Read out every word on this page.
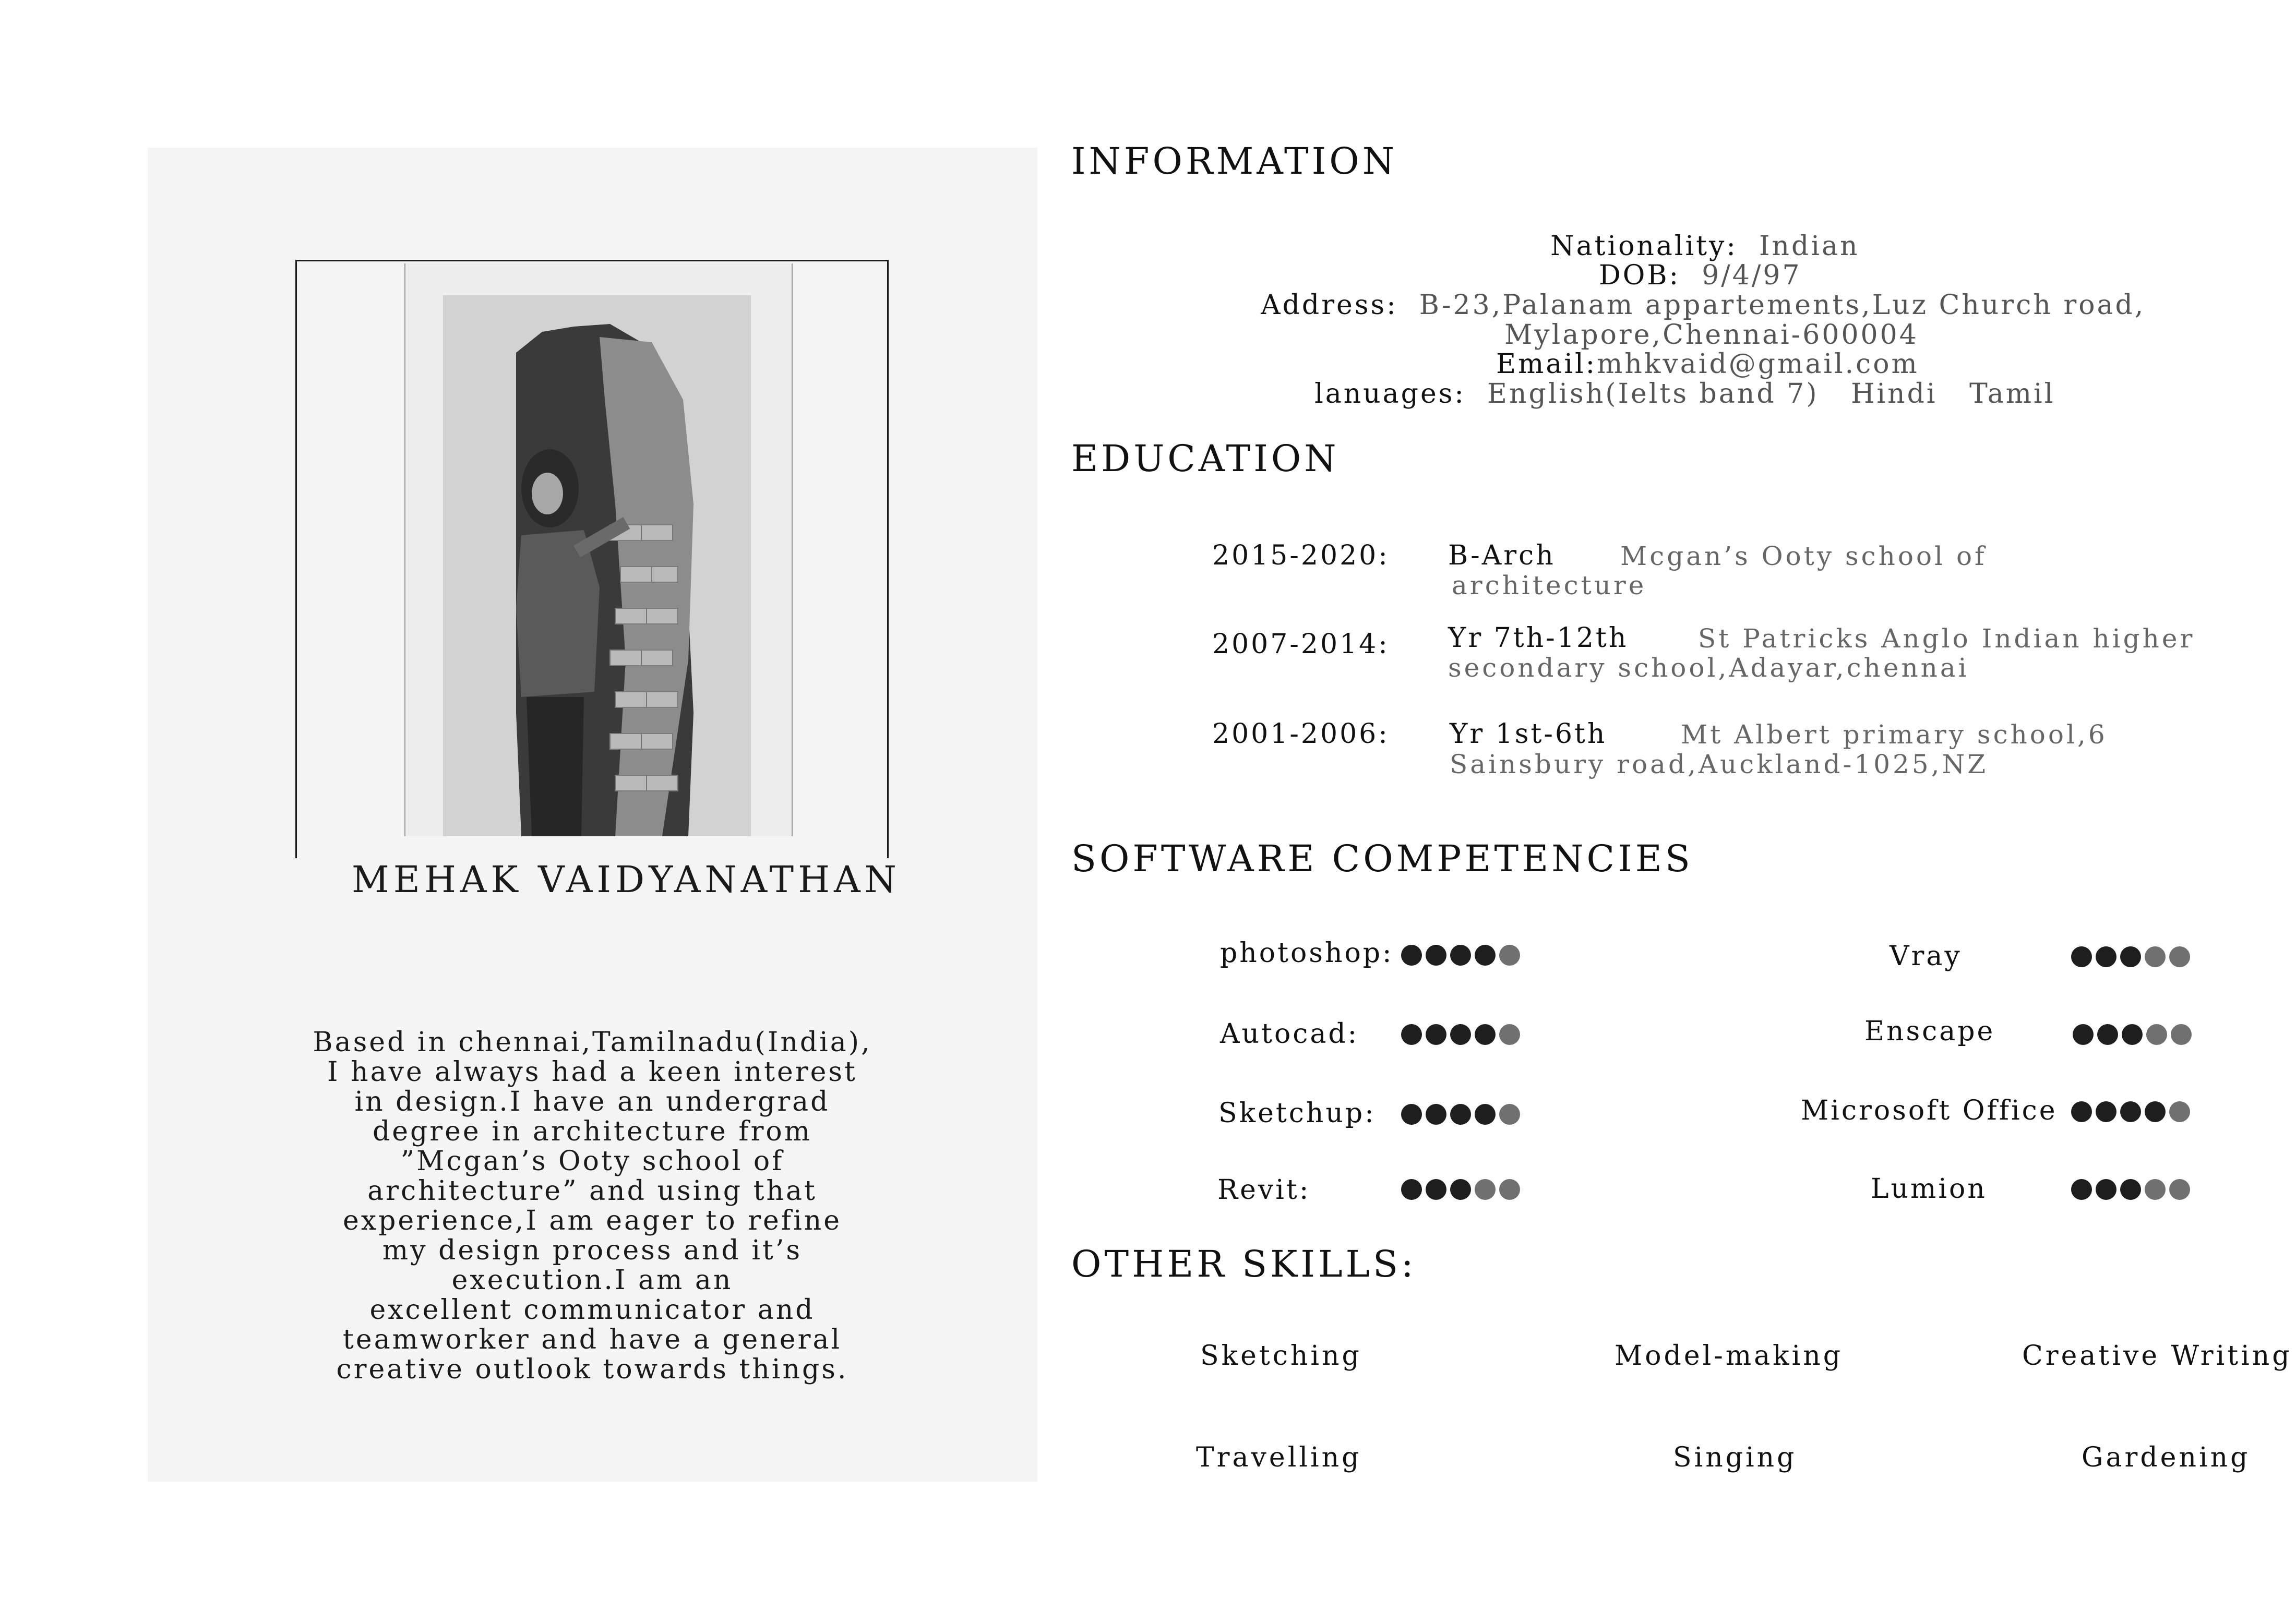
MEHAK VAIDYANATHAN
Based in chennai,Tamilnadu(India),
I have always had a keen interest
in design.I have an undergrad
degree in architecture from
”Mcgan’s Ooty school of
architecture” and using that
experience,I am eager to refine
my design process and it’s
execution.I am an
excellent communicator and
teamworker and have a general
creative outlook towards things.
INFORMATION

Nationality: Indian

DOB: 9/4/97

Address: B-23,Palanam appartements,Luz Church road,

Mylapore,Chennai-600004

Email:mhkvaid@gmail.com

lanuages: English(Ielts band 7) Hindi Tamil

EDUCATION
2015-2020: B-Arch Mcgan’s Ooty school of
architecture
2007-2014: Yr 7th-12th	St Patricks Anglo Indian higher
secondary school,Adayar,chennai
2001-2006: Yr 1st-6th	Mt Albert primary school,6
Sainsbury road,Auckland-1025,NZ
SOFTWARE COMPETENCIES
photoshop:
Autocad:
Sketchup:
Revit:
Vray
Enscape
Microsoft Office
Lumion
OTHER SKILLS:
Sketching	Model-making	Creative Writing
Travelling	Singing	Gardening
